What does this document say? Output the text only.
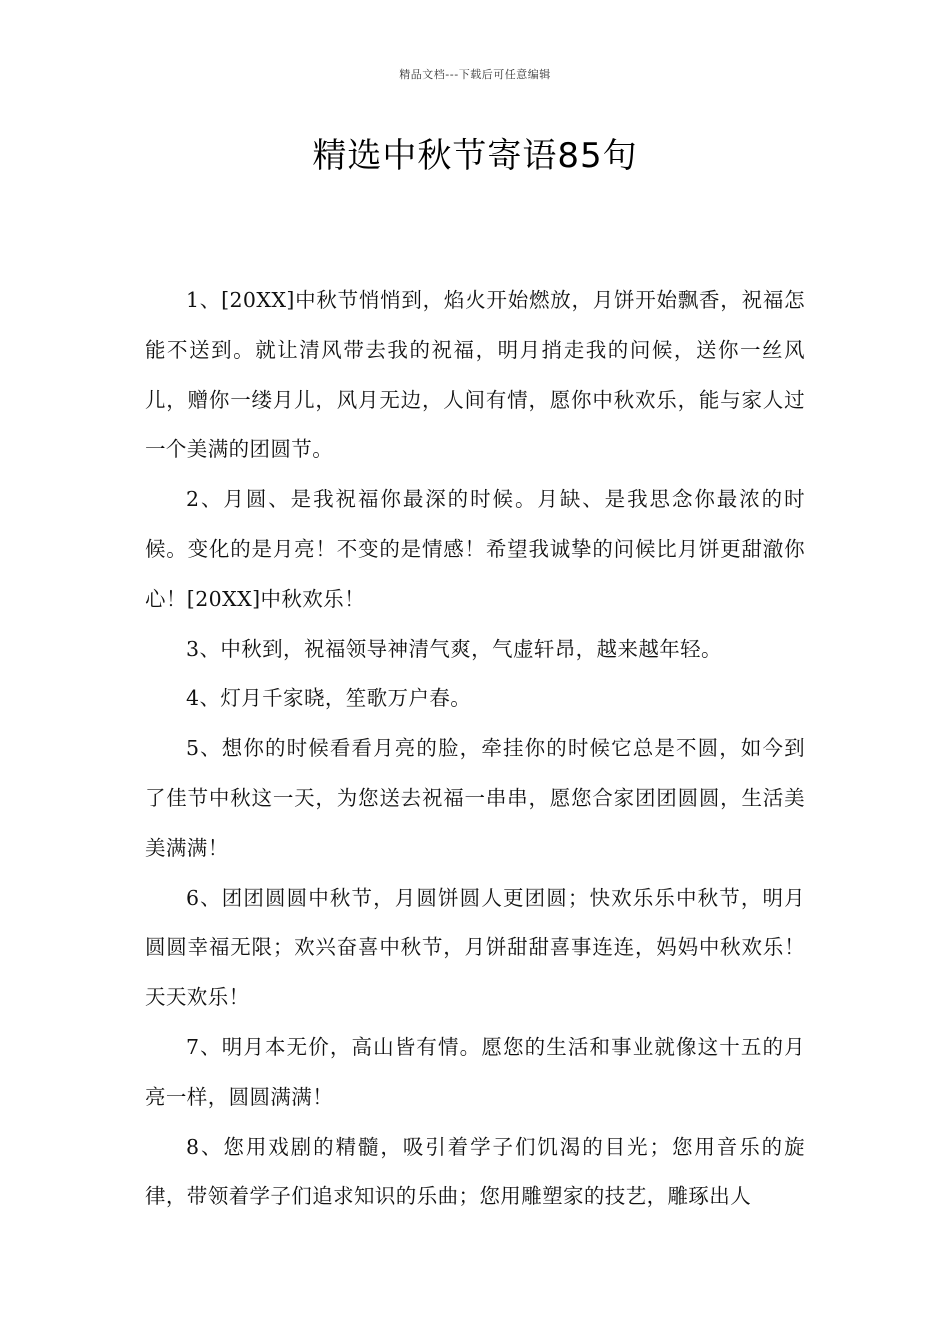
精品文档---下载后可任意编辑
精选中秋节寄语85句

1、[20XX]中秋节悄悄到，焰火开始燃放，月饼开始飘香，祝福怎能不送到。就让清风带去我的祝福，明月捎走我的问候，送你一丝风儿，赠你一缕月儿，风月无边，人间有情，愿你中秋欢乐，能与家人过一个美满的团圆节。

2、月圆、是我祝福你最深的时候。月缺、是我思念你最浓的时候。变化的是月亮！不变的是情感！希望我诚挚的问候比月饼更甜澈你心！[20XX]中秋欢乐！

3、中秋到，祝福领导神清气爽，气虚轩昂，越来越年轻。

4、灯月千家晓，笙歌万户春。

5、想你的时候看看月亮的脸，牵挂你的时候它总是不圆，如今到了佳节中秋这一天，为您送去祝福一串串，愿您合家团团圆圆，生活美美满满！

6、团团圆圆中秋节，月圆饼圆人更团圆；快欢乐乐中秋节，明月圆圆幸福无限；欢兴奋喜中秋节，月饼甜甜喜事连连，妈妈中秋欢乐！天天欢乐！

7、明月本无价，高山皆有情。愿您的生活和事业就像这十五的月亮一样，圆圆满满！

8、您用戏剧的精髓，吸引着学子们饥渴的目光；您用音乐的旋律，带领着学子们追求知识的乐曲；您用雕塑家的技艺，雕琢出人
